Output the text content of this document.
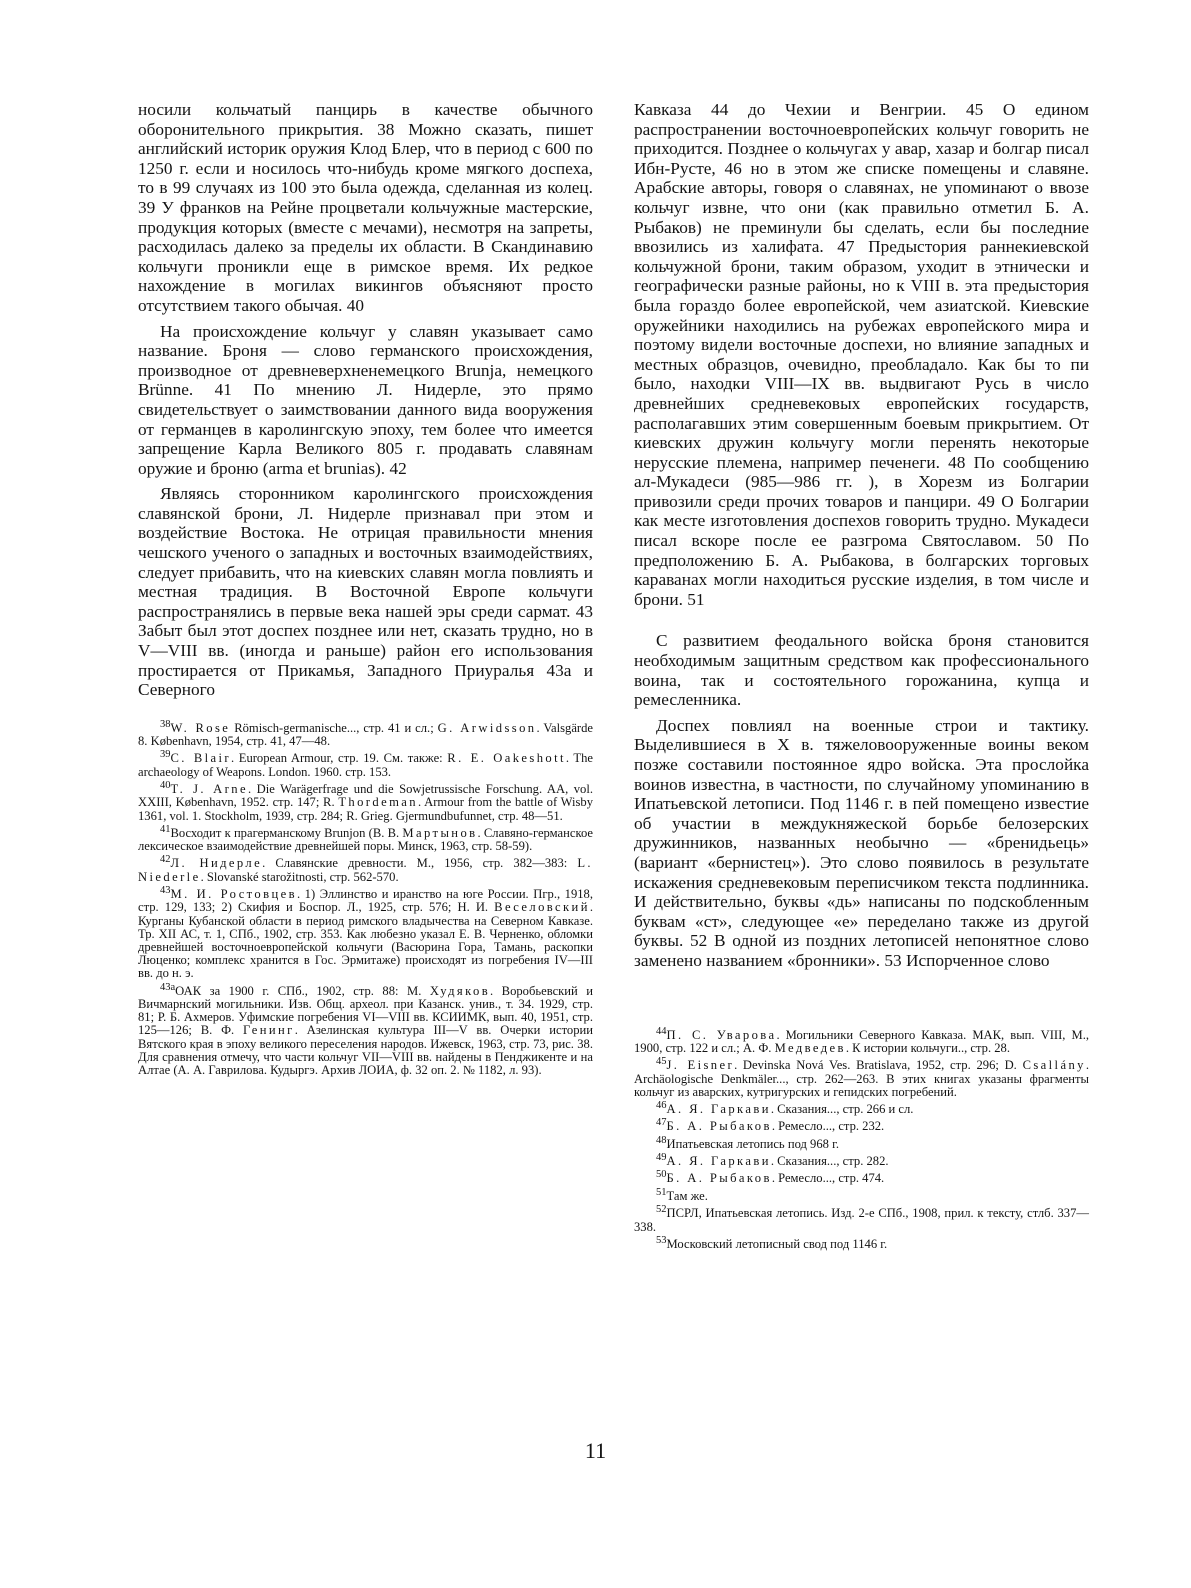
носили кольчатый панцирь в качестве обычного оборонительного прикрытия. 38 Можно сказать, пишет английский историк оружия Клод Блер, что в период с 600 по 1250 г. если и носилось что-нибудь кроме мягкого доспеха, то в 99 случаях из 100 это была одежда, сделанная из колец. 39 У франков на Рейне процветали кольчужные мастерские, продукция которых (вместе с мечами), несмотря на запреты, расходилась далеко за пределы их области. В Скандинавию кольчуги проникли еще в римское время. Их редкое нахождение в могилах викингов объясняют просто отсутствием такого обычая. 40

На происхождение кольчуг у славян указывает само название. Броня — слово германского происхождения, производное от древневерхненемецкого Brunja, немецкого Brünne. 41 По мнению Л. Нидерле, это прямо свидетельствует о заимствовании данного вида вооружения от германцев в каролингскую эпоху, тем более что имеется запрещение Карла Великого 805 г. продавать славянам оружие и броню (arma et brunias). 42

Являясь сторонником каролингского происхождения славянской брони, Л. Нидерле признавал при этом и воздействие Востока. Не отрицая правильности мнения чешского ученого о западных и восточных взаимодействиях, следует прибавить, что на киевских славян могла повлиять и местная традиция. В Восточной Европе кольчуги распространялись в первые века нашей эры среди сармат. 43 Забыт был этот доспех позднее или нет, сказать трудно, но в V—VIII вв. (иногда и раньше) район его использования простирается от Прикамья, Западного Приуралья 43а и Северного

$^{38}$W. Rose Römisch-germanische..., стр. 41 и сл.; G. Arwidsson. Valsgärde 8. København, 1954, стр. 41, 47—48.

$^{39}$C. Blair. European Armour, стр. 19. См. также: R. E. Oakeshott. The archaeology of Weapons. London. 1960. стр. 153.

$^{40}$T. J. Arne. Die Warägerfrage und die Sowjetrussische Forschung. AA, vol. XXIII, København, 1952. стр. 147; R. Thordeman. Armour from the battle of Wisby 1361, vol. 1. Stockholm, 1939, стр. 284; R. Grieg. Gjermundbufunnet, стр. 48—51.

$^{41}$Восходит к прагерманскому Brunjon (В. В. Мартынов. Славяно-германское лексическое взаимодействие древнейшей поры. Минск, 1963, стр. 58-59).

$^{42}$Л. Нидерле. Славянские древности. М., 1956, стр. 382—383: L. Niederle. Slovanské starožitnosti, стр. 562-570.

$^{43}$М. И. Ростовцев. 1) Эллинство и иранство на юге России. Пгр., 1918, стр. 129, 133; 2) Скифия и Боспор. Л., 1925, стр. 576; Н. И. Веселовский. Курганы Кубанской области в период римского владычества на Северном Кавказе. Тр. XII АС, т. 1, СПб., 1902, стр. 353. Как любезно указал Е. В. Черненко, обломки древнейшей восточноевропейской кольчуги (Васюрина Гора, Тамань, раскопки Люценко; комплекс хранится в Гос. Эрмитаже) происходят из погребения IV—III вв. до н. э.

$^{43а}$ОАК за 1900 г. СПб., 1902, стр. 88: М. Худяков. Воробьевский и Вичмарнский могильники. Изв. Общ. археол. при Казанск. унив., т. 34. 1929, стр. 81; Р. Б. Ахмеров. Уфимские погребения VI—VIII вв. КСИИМК, вып. 40, 1951, стр. 125—126; В. Ф. Генинг. Азелинская культура III—V вв. Очерки истории Вятского края в эпоху великого переселения народов. Ижевск, 1963, стр. 73, рис. 38. Для сравнения отмечу, что части кольчуг VII—VIII вв. найдены в Пенджикенте и на Алтае (А. А. Гаврилова. Кудыргэ. Архив ЛОИА, ф. 32 оп. 2. № 1182, л. 93).

Кавказа 44 до Чехии и Венгрии. 45 О едином распространении восточноевропейских кольчуг говорить не приходится. Позднее о кольчугах у авар, хазар и болгар писал Ибн-Русте, 46 но в этом же списке помещены и славяне. Арабские авторы, говоря о славянах, не упоминают о ввозе кольчуг извне, что они (как правильно отметил Б. А. Рыбаков) не преминули бы сделать, если бы последние ввозились из халифата. 47 Предыстория раннекиевской кольчужной брони, таким образом, уходит в этнически и географически разные районы, но к VIII в. эта предыстория была гораздо более европейской, чем азиатской. Киевские оружейники находились на рубежах европейского мира и поэтому видели восточные доспехи, но влияние западных и местных образцов, очевидно, преобладало. Как бы то пи было, находки VIII—IX вв. выдвигают Русь в число древнейших средневековых европейских государств, располагавших этим совершенным боевым прикрытием. От киевских дружин кольчугу могли перенять некоторые нерусские племена, например печенеги. 48 По сообщению ал-Мукадеси (985—986 гг. ), в Хорезм из Болгарии привозили среди прочих товаров и панцири. 49 О Болгарии как месте изготовления доспехов говорить трудно. Мукадеси писал вскоре после ее разгрома Святославом. 50 По предположению Б. А. Рыбакова, в болгарских торговых караванах могли находиться русские изделия, в том числе и брони. 51

С развитием феодального войска броня становится необходимым защитным средством как профессионального воина, так и состоятельного горожанина, купца и ремесленника.

Доспех повлиял на военные строи и тактику. Выделившиеся в X в. тяжеловооруженные воины веком позже составили постоянное ядро войска. Эта прослойка воинов известна, в частности, по случайному упоминанию в Ипатьевской летописи. Под 1146 г. в пей помещено известие об участии в междукняжеской борьбе белозерских дружинников, названных необычно — «бренидьець» (вариант «бернистец»). Это слово появилось в результате искажения средневековым переписчиком текста подлинника. И действительно, буквы «дь» написаны по подскобленным буквам «ст», следующее «е» переделано также из другой буквы. 52 В одной из поздних летописей непонятное слово заменено названием «бронники». 53 Испорченное слово

$^{44}$П. С. Уварова. Могильники Северного Кавказа. МАК, вып. VIII, М., 1900, стр. 122 и сл.; А. Ф. Медведев. К истории кольчуги.., стр. 28.

$^{45}$J. Eisner. Devinska Nová Ves. Bratislava, 1952, стр. 296; D. Csallány. Archäologische Denkmäler..., стр. 262—263. В этих книгах указаны фрагменты кольчуг из аварских, кутригурских и гепидских погребений.

$^{46}$А. Я. Гаркави. Сказания..., стр. 266 и сл.

$^{47}$Б. А. Рыбаков. Ремесло..., стр. 232.

$^{48}$Ипатьевская летопись под 968 г.

$^{49}$А. Я. Гаркави. Сказания..., стр. 282.

$^{50}$Б. А. Рыбаков. Ремесло..., стр. 474.

$^{51}$Там же.

$^{52}$ПСРЛ, Ипатьевская летопись. Изд. 2-е СПб., 1908, прил. к тексту, стлб. 337—338.

$^{53}$Московский летописный свод под 1146 г.

11
